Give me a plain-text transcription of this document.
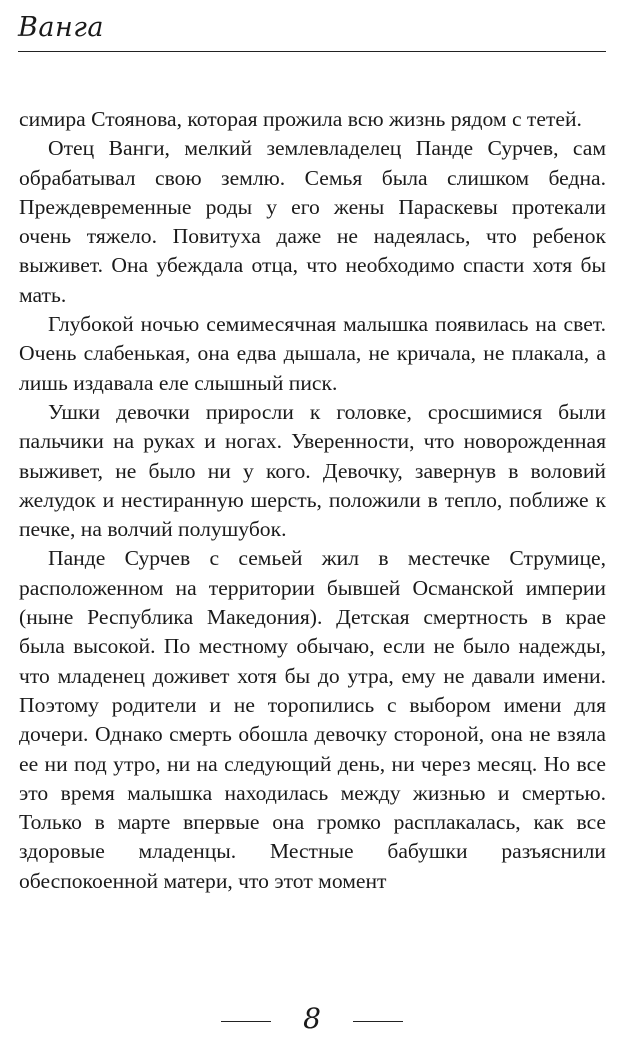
Ванга

симира Стоянова, которая прожила всю жизнь рядом с тетей.

Отец Ванги, мелкий землевладелец Панде Сурчев, сам обрабатывал свою землю. Семья была слишком бедна. Преждевременные роды у его жены Параскевы протекали очень тяжело. Повитуха даже не надеялась, что ребенок выживет. Она убеждала отца, что необходимо спасти хотя бы мать.

Глубокой ночью семимесячная малышка появилась на свет. Очень слабенькая, она едва дышала, не кричала, не плакала, а лишь издавала еле слышный писк.

Ушки девочки приросли к головке, сросшимися были пальчики на руках и ногах. Уверенности, что новорожденная выживет, не было ни у кого. Девочку, завернув в воловий желудок и нестиранную шерсть, положили в тепло, поближе к печке, на волчий полушубок.

Панде Сурчев с семьей жил в местечке Струмице, расположенном на территории бывшей Османской империи (ныне Республика Македония). Детская смертность в крае была высокой. По местному обычаю, если не было надежды, что младенец доживет хотя бы до утра, ему не давали имени. Поэтому родители и не торопились с выбором имени для дочери. Однако смерть обошла девочку стороной, она не взяла ее ни под утро, ни на следующий день, ни через месяц. Но все это время малышка находилась между жизнью и смертью. Только в марте впервые она громко расплакалась, как все здоровые младенцы. Местные бабушки разъяснили обеспокоенной матери, что этот момент

8
